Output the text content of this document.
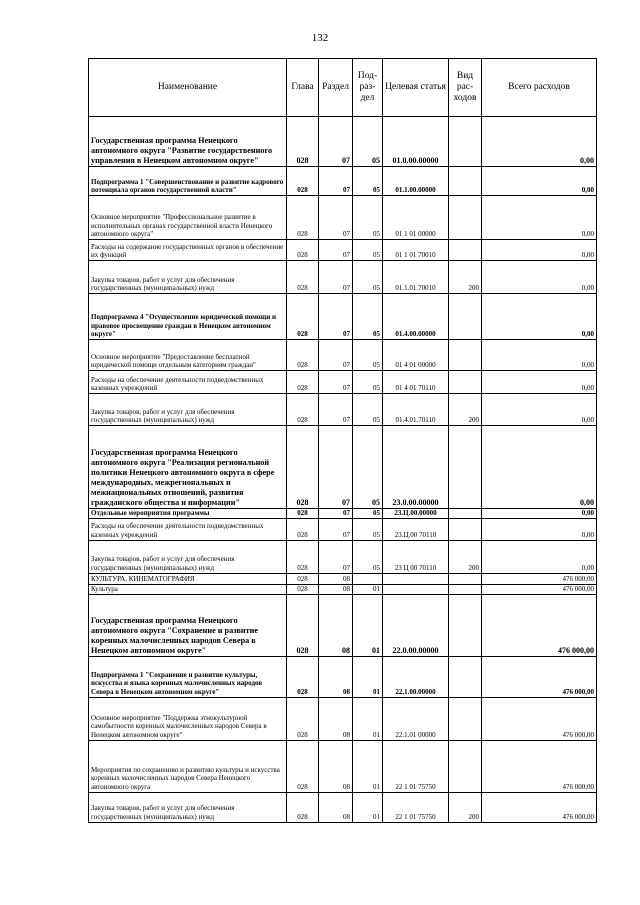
132
Наименование	Глава	Раздел	Под-раз-дел	Целевая статья	Вид рас-ходов	Всего расходов
Государственная программа Ненецкого автономного округа "Развитие государственного управления в Ненецком автономном округе"	028	07	05	01.0.00.00000		0,00
Подпрограмма 1 "Совершенствование и развитие кадрового потенциала органов государственной власти"	028	07	05	01.1.00.00000		0,00
Основное мероприятие "Профессиональное развитие в исполнительных органах государственной власти Ненецкого автономного округа"	028	07	05	01 1 01 00000		0,00
Расходы на содержание государственных органов в обеспечение их функций	028	07	05	01 1 01 70010		0,00
Закупка товаров, работ и услуг для обеспечения государственных (муниципальных) нужд	028	07	05	01.1.01.70010	200	0,00
Подпрограмма 4 "Осуществление юридической помощи и правовое просвещение граждан в Ненецком автономном округе"	028	07	05	01.4.00.00000		0,00
Основное мероприятие "Предоставление бесплатной юридической помощи отдельным категориям граждан"	028	07	05	01 4 01 00000		0,00
Расходы на обеспечение деятельности подведомственных казенных учреждений	028	07	05	01 4 01 70110		0,00
Закупка товаров, работ и услуг для обеспечения государственных (муниципальных) нужд	028	07	05	01.4.01.70110	200	0,00
Государственная программа Ненецкого автономного округа "Реализация региональной политики Ненецкого автономного округа в сфере международных, межрегиональных и межнациональных отношений, развития гражданского общества и информации"	028	07	05	23.0.00.00000		0,00
Отдельные мероприятия программы	028	07	05	23.Ц.00.00000		0,00
Расходы на обеспечение деятельности подведомственных казенных учреждений	028	07	05	23.Ц.00 70110		0,00
Закупка товаров, работ и услуг для обеспечения государственных (муниципальных) нужд	028	07	05	23 Ц 00 70110	200	0,00
КУЛЬТУРА, КИНЕМАТОГРАФИЯ	028	08				476 000,00
Культура	028	08	01			476 000,00
Государственная программа Ненецкого автономного округа "Сохранение и развитие коренных малочисленных народов Севера в Ненецком автономном округе"	028	08	01	22.0.00.00000		476 000,00
Подпрограмма 1 "Сохранение и развитие культуры, искусства и языка коренных малочисленных народов Севера в Ненецком автономном округе"	028	08	01	22.1.00.00000		476 000,00
Основное мероприятие "Поддержка этнокультурной самобытности коренных малочисленных народов Севера в Ненецком автономном округе"	028	08	01	22.1.01 00000		476 000,00
Мероприятия по сохранению и развитию культуры и искусства коренных малочисленных народов Севера Ненецкого автономного округа	028	08	01	22 1 01 75750		476 000,00
Закупка товаров, работ и услуг для обеспечения государственных (муниципальных) нужд	028	08	01	22 1 01 75750	200	476 000,00
